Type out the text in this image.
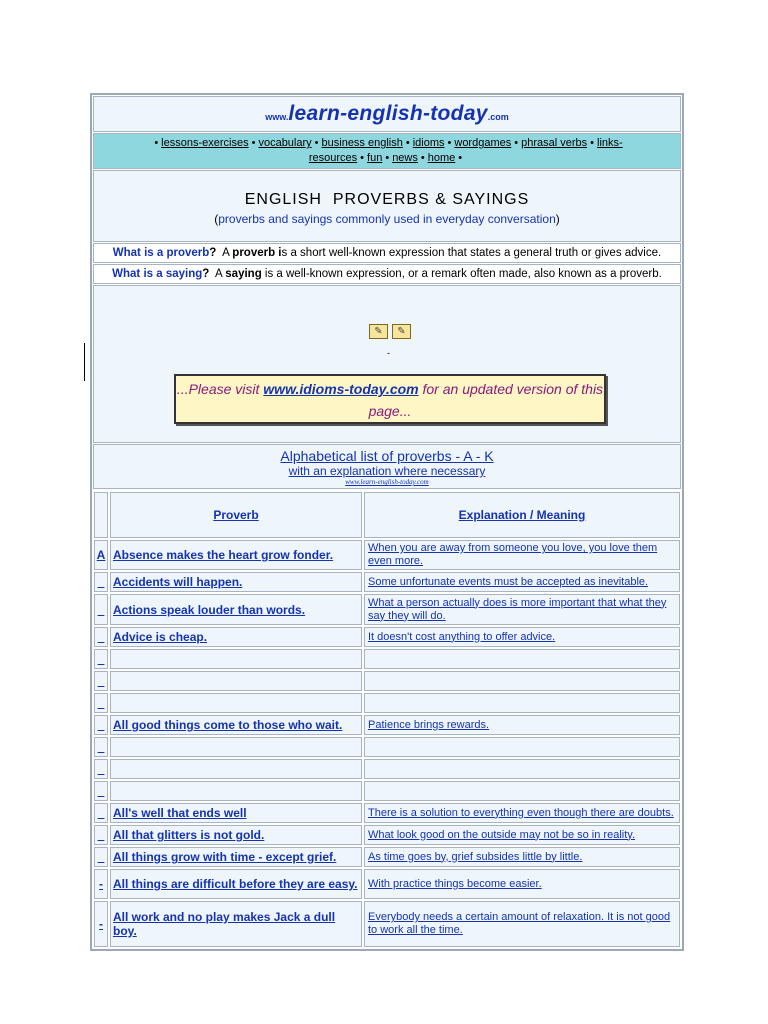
www.learn-english-today.com
• lessons-exercises • vocabulary • business english • idioms • wordgames • phrasal verbs • links-resources • fun • news • home •
ENGLISH  PROVERBS & SAYINGS
(proverbs and sayings commonly used in everyday conversation)
What is a proverb? A proverb is a short well-known expression that states a general truth or gives advice.
What is a saying? A saying is a well-known expression, or a remark often made, also known as a proverb.
✎	✎
-
...Please visit www.idioms-today.com for an updated version of this page...
Alphabetical list of proverbs - A - K
with an explanation where necessary
www.learn-english-today.com
	Proverb	Explanation / Meaning
A	Absence makes the heart grow fonder.	When you are away from someone you love, you love them even more.
_	Accidents will happen.	Some unfortunate events must be accepted as inevitable.
_	Actions speak louder than words.	What a person actually does is more important that what they say they will do.
_	Advice is cheap.	It doesn't cost anything to offer advice.
_		
_		
_		
_	All good things come to those who wait.	Patience brings rewards.
_		
_		
_		
_	All's well that ends well	There is a solution to everything even though there are doubts.
_	All that glitters is not gold.	What look good on the outside may not be so in reality.
_	All things grow with time - except grief.	As time goes by, grief subsides little by little.
-	All things are difficult before they are easy.	With practice things become easier.
-	All work and no play makes Jack a dull boy.	Everybody needs a certain amount of relaxation. It is not good to work all the time.
